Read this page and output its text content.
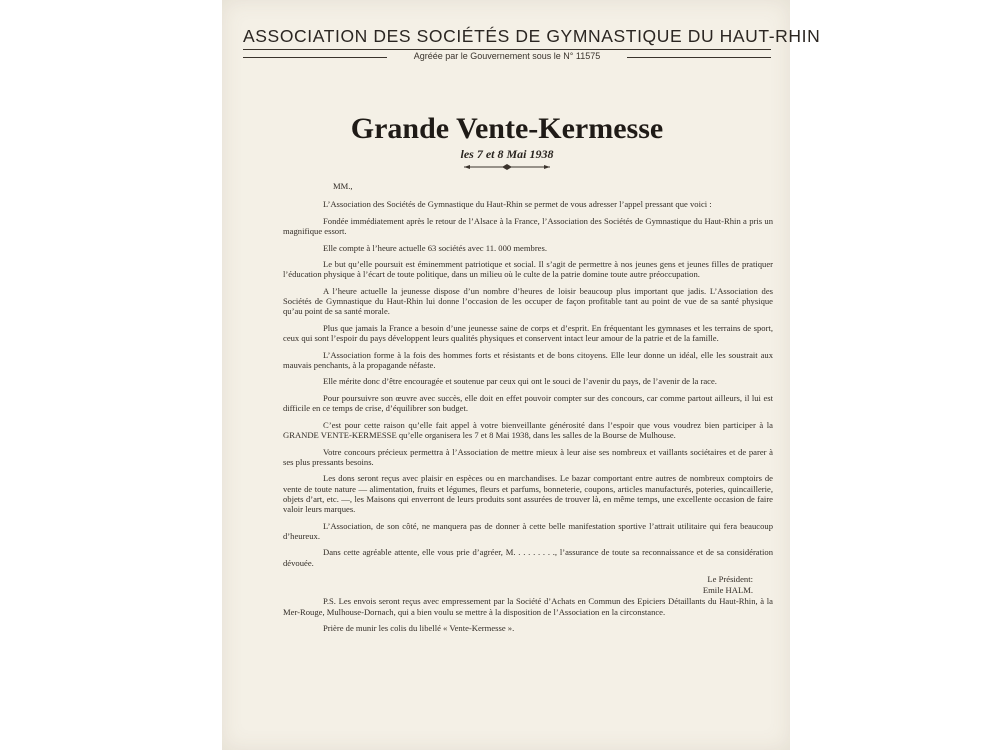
ASSOCIATION DES SOCIÉTÉS DE GYMNASTIQUE DU HAUT-RHIN
Agréée par le Gouvernement sous le N° 11575
Grande Vente-Kermesse
les 7 et 8 Mai 1938

MM.,

L’Association des Sociétés de Gymnastique du Haut-Rhin se permet de vous adresser l’appel pressant que voici :

Fondée immédiatement après le retour de l’Alsace à la France, l’Association des Sociétés de Gymnastique du Haut-Rhin a pris un magnifique essort.

Elle compte à l’heure actuelle 63 sociétés avec 11. 000 membres.

Le but qu’elle poursuit est éminemment patriotique et social. Il s’agit de permettre à nos jeunes gens et jeunes filles de pratiquer l’éducation physique à l’écart de toute politique, dans un milieu où le culte de la patrie domine toute autre préoccupation.

A l’heure actuelle la jeunesse dispose d’un nombre d’heures de loisir beaucoup plus important que jadis. L’Association des Sociétés de Gymnastique du Haut-Rhin lui donne l’occasion de les occuper de façon profitable tant au point de vue de sa santé physique qu’au point de sa santé morale.

Plus que jamais la France a besoin d’une jeunesse saine de corps et d’esprit. En fréquentant les gymnases et les terrains de sport, ceux qui sont l’espoir du pays développent leurs qualités physiques et conservent intact leur amour de la patrie et de la famille.

L’Association forme à la fois des hommes forts et résistants et de bons citoyens. Elle leur donne un idéal, elle les soustrait aux mauvais penchants, à la propagande néfaste.

Elle mérite donc d’être encouragée et soutenue par ceux qui ont le souci de l’avenir du pays, de l’avenir de la race.

Pour poursuivre son œuvre avec succès, elle doit en effet pouvoir compter sur des concours, car comme partout ailleurs, il lui est difficile en ce temps de crise, d’équilibrer son budget.

C’est pour cette raison qu’elle fait appel à votre bienveillante générosité dans l’espoir que vous voudrez bien participer à la GRANDE VENTE-KERMESSE qu’elle organisera les 7 et 8 Mai 1938, dans les salles de la Bourse de Mulhouse.

Votre concours précieux permettra à l’Association de mettre mieux à leur aise ses nombreux et vaillants sociétaires et de parer à ses plus pressants besoins.

Les dons seront reçus avec plaisir en espèces ou en marchandises. Le bazar comportant entre autres de nombreux comptoirs de vente de toute nature — alimentation, fruits et légumes, fleurs et parfums, bonneterie, coupons, articles manufacturés, poteries, quincaillerie, objets d’art, etc. —, les Maisons qui enverront de leurs produits sont assurées de trouver là, en même temps, une excellente occasion de faire valoir leurs marques.

L’Association, de son côté, ne manquera pas de donner à cette belle manifestation sportive l’attrait utilitaire qui fera beaucoup d’heureux.

Dans cette agréable attente, elle vous prie d’agréer, M. . . . . . . . ., l’assurance de toute sa reconnaissance et de sa considération dévouée.

Le Président:
Emile HALM.

P.S. Les envois seront reçus avec empressement par la Société d’Achats en Commun des Epiciers Détaillants du Haut-Rhin, à la Mer-Rouge, Mulhouse-Dornach, qui a bien voulu se mettre à la disposition de l’Association en la circonstance.

Prière de munir les colis du libellé « Vente-Kermesse ».
